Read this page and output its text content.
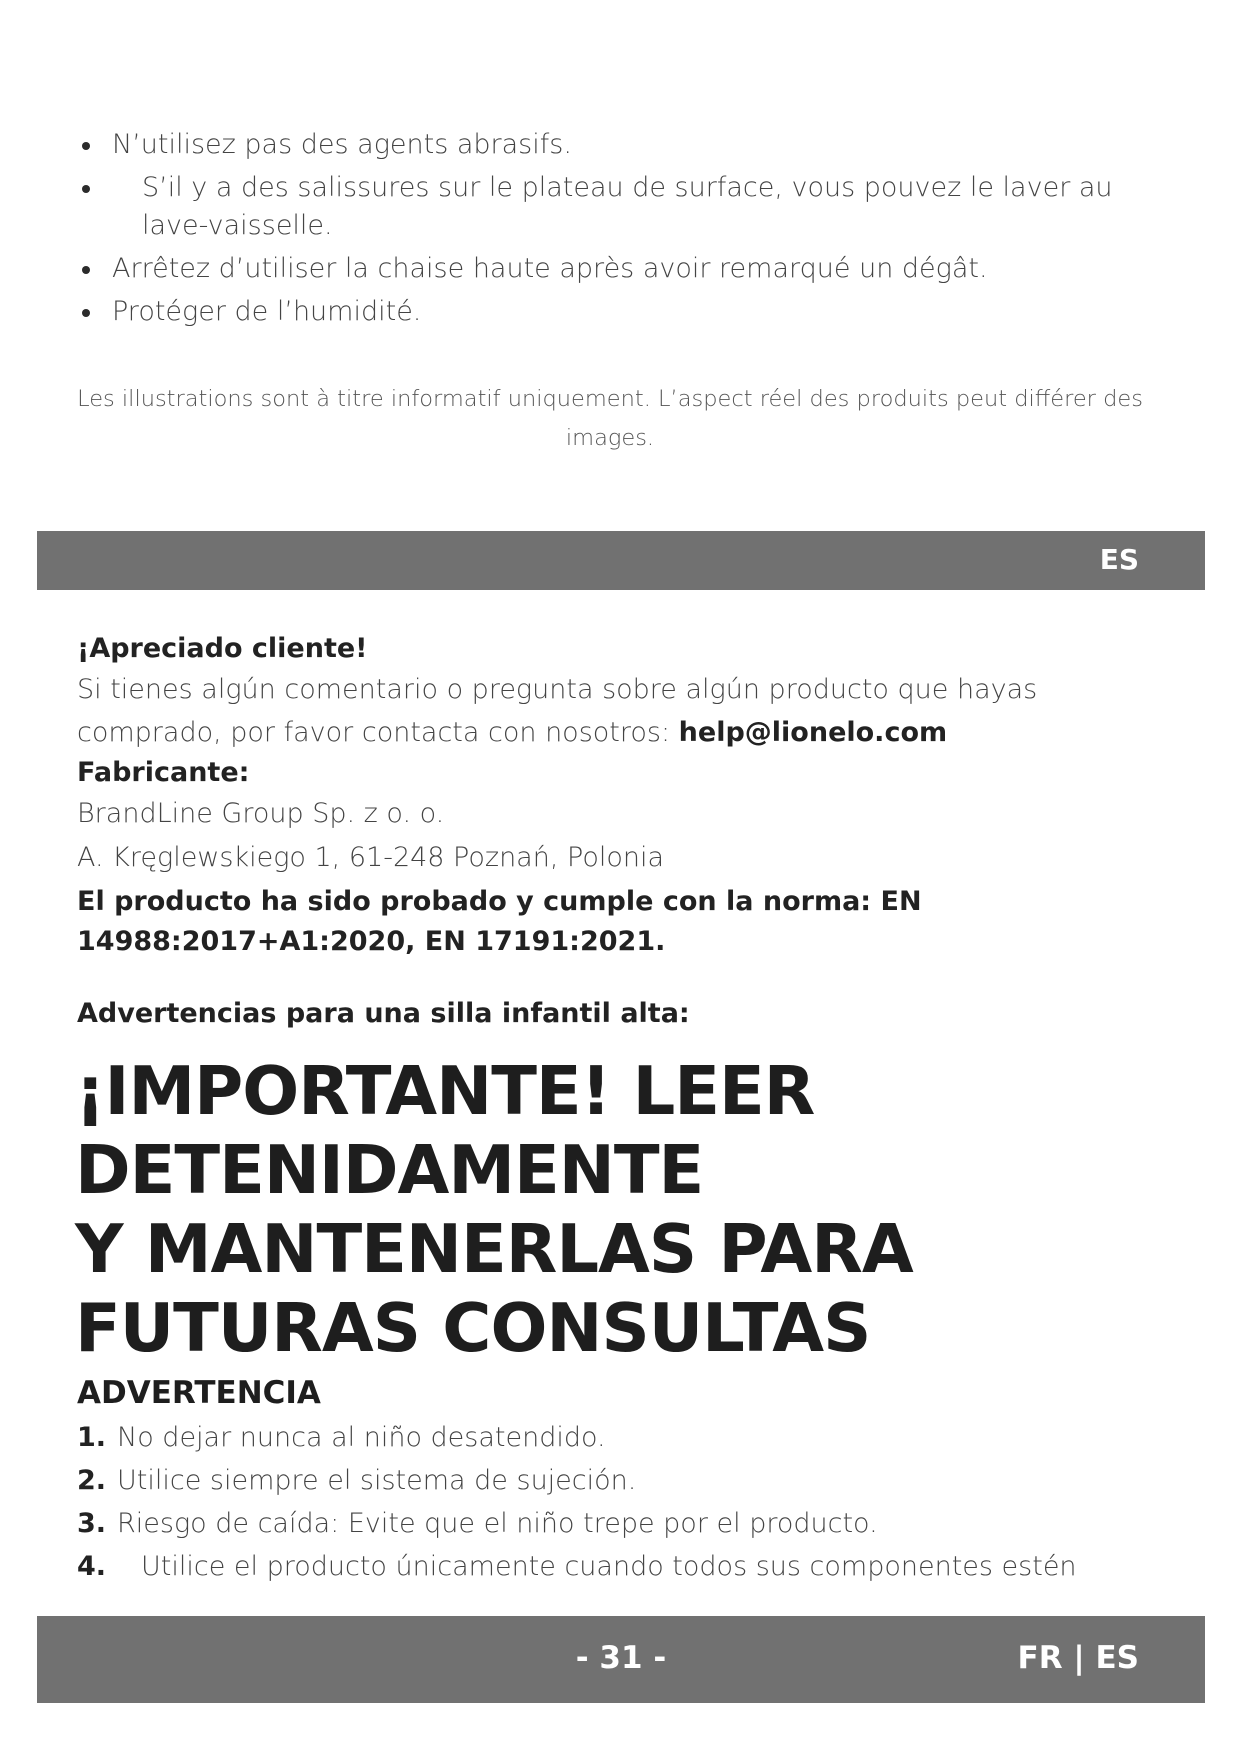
N’utilisez pas des agents abrasifs.
S’il y a des salissures sur le plateau de surface, vous pouvez le laver au lave-vaisselle.
Arrêtez d’utiliser la chaise haute après avoir remarqué un dégât.
Protéger de l’humidité.
Les illustrations sont à titre informatif uniquement. L’aspect réel des produits peut différer des images.
ES
¡Apreciado cliente!
Si tienes algún comentario o pregunta sobre algún producto que hayas comprado, por favor contacta con nosotros: help@lionelo.com
Fabricante:
BrandLine Group Sp. z o. o.
A. Kręglewskiego 1, 61-248 Poznań, Polonia
El producto ha sido probado y cumple con la norma: EN 14988:2017+A1:2020, EN 17191:2021.
Advertencias para una silla infantil alta:
¡IMPORTANTE! LEER
DETENIDAMENTE
Y MANTENERLAS PARA
FUTURAS CONSULTAS
ADVERTENCIA
1. No dejar nunca al niño desatendido.
2. Utilice siempre el sistema de sujeción.
3. Riesgo de caída: Evite que el niño trepe por el producto.
4. Utilice el producto únicamente cuando todos sus componentes estén
- 31 -	FR | ES
